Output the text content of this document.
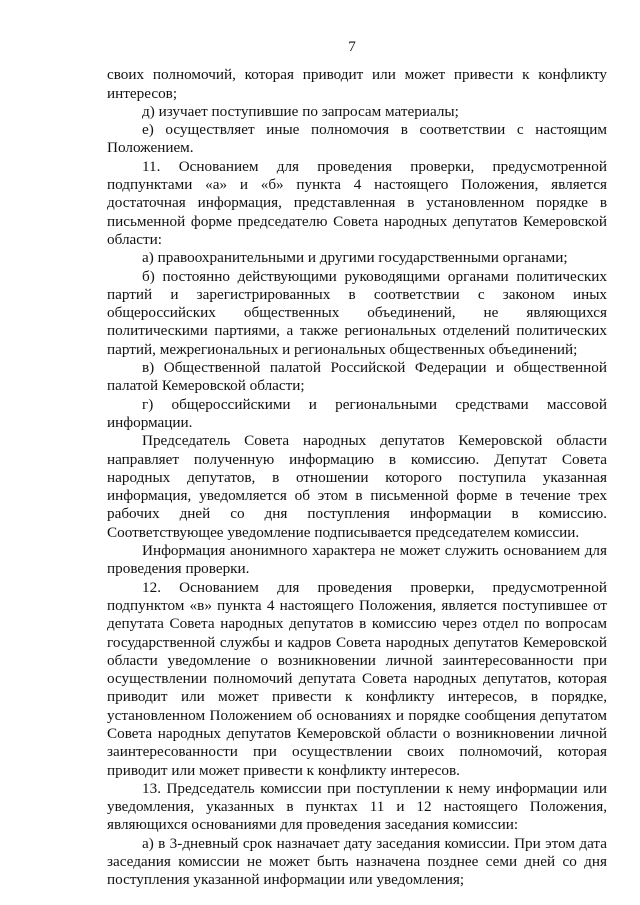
7

своих полномочий, которая приводит или может привести к конфликту интересов;

д) изучает поступившие по запросам материалы;

е) осуществляет иные полномочия в соответствии с настоящим Положением.

11. Основанием для проведения проверки, предусмотренной подпунктами «а» и «б» пункта 4 настоящего Положения, является достаточная информация, представленная в установленном порядке в письменной форме председателю Совета народных депутатов Кемеровской области:

а) правоохранительными и другими государственными органами;

б) постоянно действующими руководящими органами политических партий и зарегистрированных в соответствии с законом иных общероссийских общественных объединений, не являющихся политическими партиями, а также региональных отделений политических партий, межрегиональных и региональных общественных объединений;

в) Общественной палатой Российской Федерации и общественной палатой Кемеровской области;

г) общероссийскими и региональными средствами массовой информации.

Председатель Совета народных депутатов Кемеровской области направляет полученную информацию в комиссию. Депутат Совета народных депутатов, в отношении которого поступила указанная информация, уведомляется об этом в письменной форме в течение трех рабочих дней со дня поступления информации в комиссию. Соответствующее уведомление подписывается председателем комиссии.

Информация анонимного характера не может служить основанием для проведения проверки.

12. Основанием для проведения проверки, предусмотренной подпунктом «в» пункта 4 настоящего Положения, является поступившее от депутата Совета народных депутатов в комиссию через отдел по вопросам государственной службы и кадров Совета народных депутатов Кемеровской области уведомление о возникновении личной заинтересованности при осуществлении полномочий депутата Совета народных депутатов, которая приводит или может привести к конфликту интересов, в порядке, установленном Положением об основаниях и порядке сообщения депутатом Совета народных депутатов Кемеровской области о возникновении личной заинтересованности при осуществлении своих полномочий, которая приводит или может привести к конфликту интересов.

13. Председатель комиссии при поступлении к нему информации или уведомления, указанных в пунктах 11 и 12 настоящего Положения, являющихся основаниями для проведения заседания комиссии:

а) в 3-дневный срок назначает дату заседания комиссии. При этом дата заседания комиссии не может быть назначена позднее семи дней со дня поступления указанной информации или уведомления;
